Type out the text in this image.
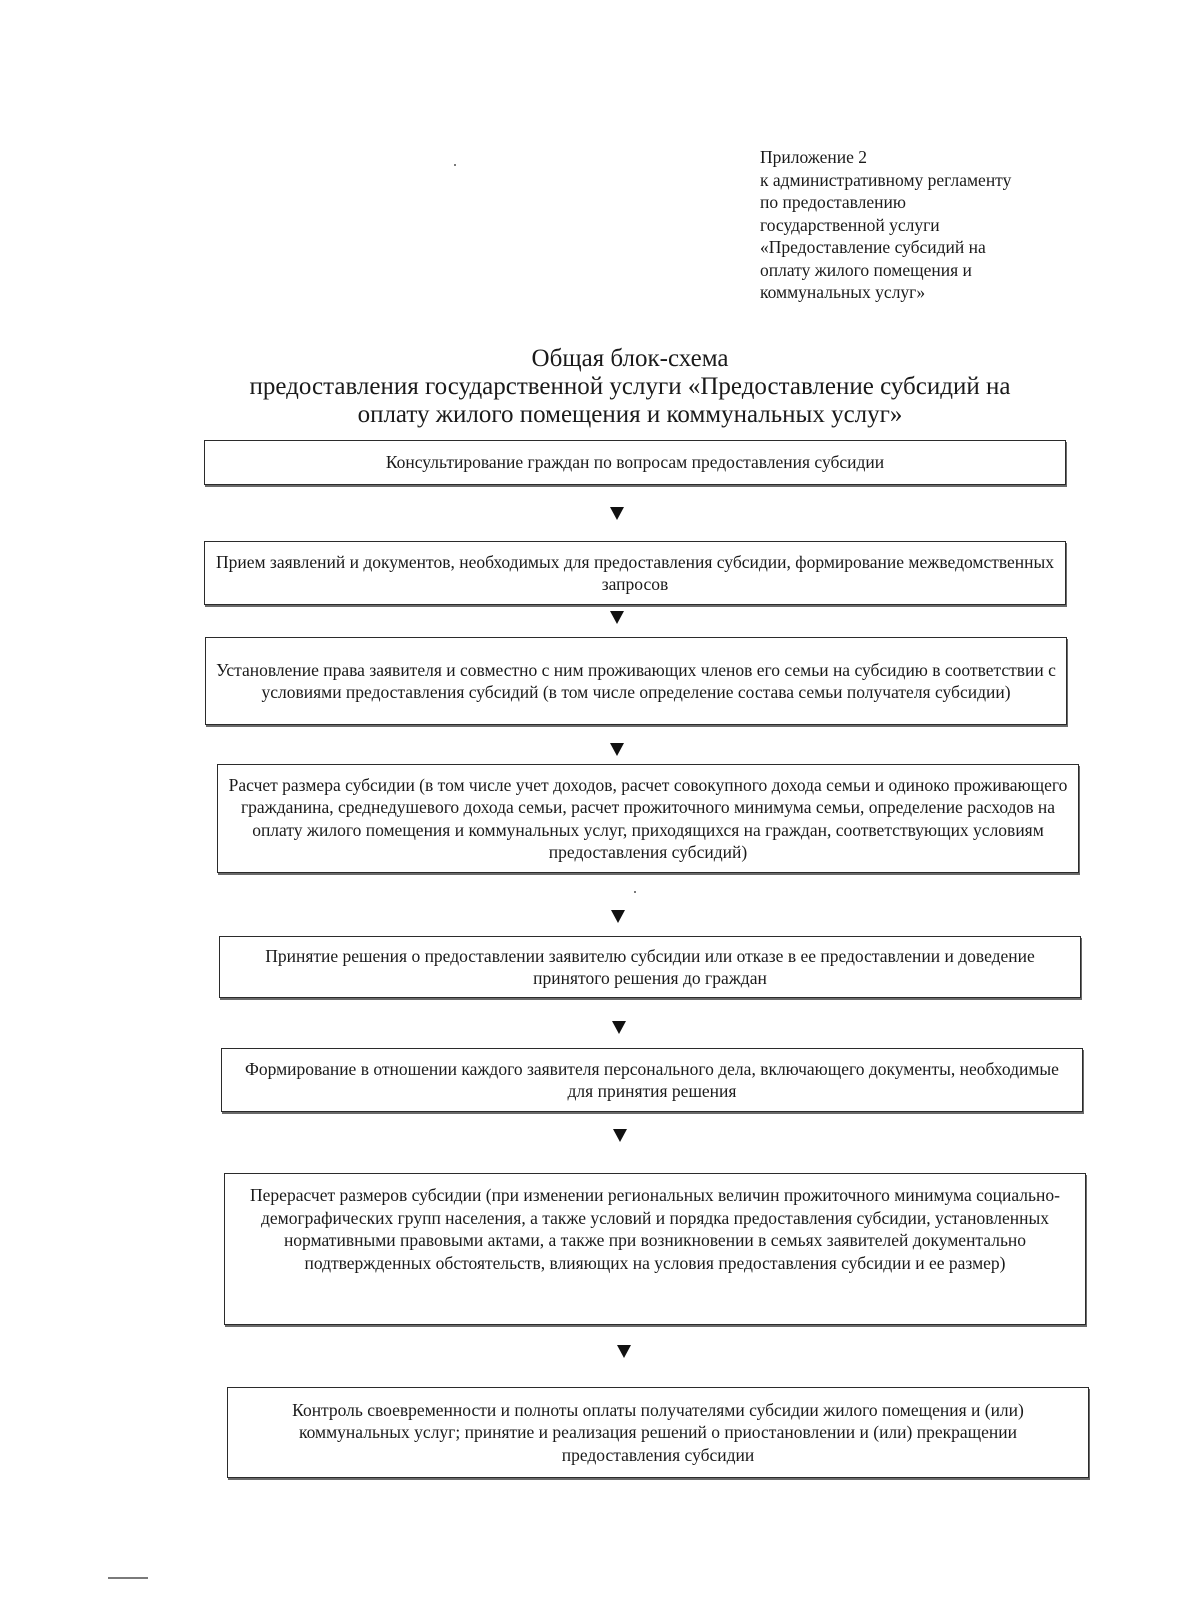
Приложение 2
к административному регламенту
по предоставлению
государственной услуги
«Предоставление субсидий на
оплату жилого помещения и
коммунальных услуг»
Общая блок-схема
предоставления государственной услуги «Предоставление субсидий на
оплату жилого помещения и коммунальных услуг»
Консультирование граждан по вопросам предоставления субсидии
Прием заявлений и документов, необходимых для предоставления субсидии, формирование межведомственных запросов
Установление права заявителя и совместно с ним проживающих членов его семьи на субсидию в соответствии с условиями предоставления субсидий (в том числе определение состава семьи получателя субсидии)
Расчет размера субсидии (в том числе учет доходов, расчет совокупного дохода семьи и одиноко проживающего гражданина, среднедушевого дохода семьи, расчет прожиточного минимума семьи, определение расходов на оплату жилого помещения и коммунальных услуг, приходящихся на граждан, соответствующих условиям предоставления субсидий)
Принятие решения о предоставлении заявителю субсидии или отказе в ее предоставлении и доведение принятого решения до граждан
Формирование в отношении каждого заявителя персонального дела, включающего документы, необходимые для принятия решения
Перерасчет размеров субсидии (при изменении региональных величин прожиточного минимума социально-демографических групп населения, а также условий и порядка предоставления субсидии, установленных нормативными правовыми актами, а также при возникновении в семьях заявителей документально подтвержденных обстоятельств, влияющих на условия предоставления субсидии и ее размер)
Контроль своевременности и полноты оплаты получателями субсидии жилого помещения и (или) коммунальных услуг; принятие и реализация решений о приостановлении и (или) прекращении предоставления субсидии
